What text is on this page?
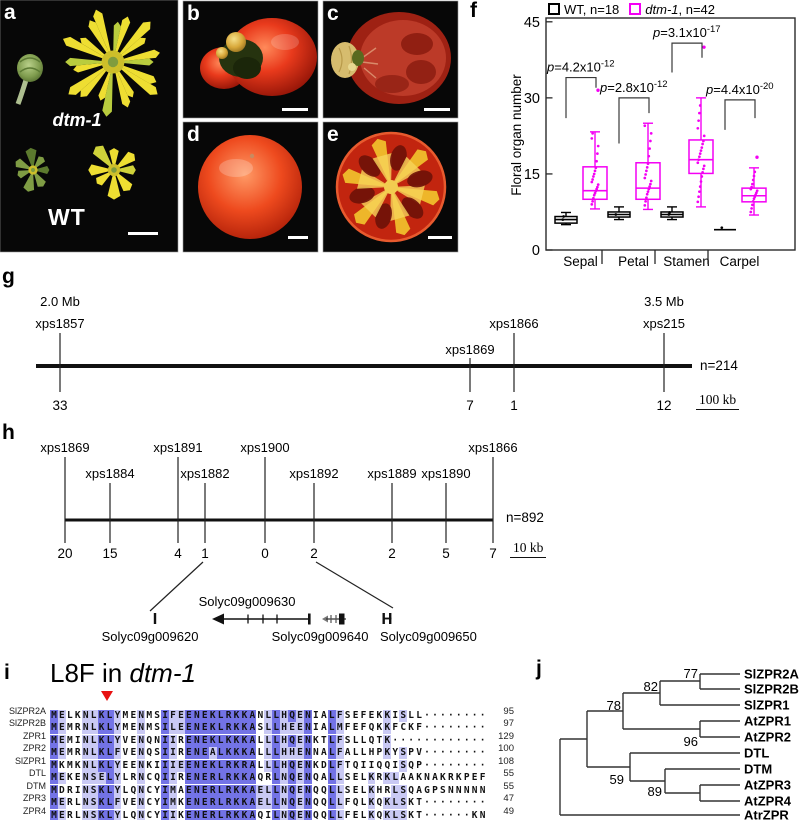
a	b	c
d	e
dtm-1
WT
f	WT, n=18 dtm-1, n=42
Floral organ number
0
15
30
45
Sepal Petal Stamen Carpel
$p=4.2x10^{-12}$
$p=2.8x10^{-12}$
$p=3.1x10^{-17}$
$p=4.4x10^{-20}$
g
xps1857
33
2.0 Mb
xps1869
7
xps1866
1
xps215
12
3.5 Mb
n=214
100 kb
h
xps1869
20
xps1884
15
xps1891
4
xps1882
1
xps1900
0
xps1892
2
xps1889
2
xps1890
5
xps1866
7
Solyc09g009620
Solyc09g009630
Solyc09g009640 Solyc09g009650
n=892
10 kb
i L8F in dtm-1
SlZPR2A M E L K N L K L Y M E N M S I F E E N E K L R K K A N L L H Q E N I A L F S E F E K K I S L L · · · · · · · ·	95
SlZPR2B M E M R N L K L Y M E N M S I L E E N E K L R K K A S L L H E E N I A L M F E F Q K K F C K F · · · · · · · ·	97
ZPR1 M E M I N L K L Y V E N Q N I I R E N E K L K K K A L L L H Q E N K T L F S L L Q T K · · · · · · · · · · · ·	129
ZPR2 M E M R N L K L F V E N Q S I I R E N E A L K K K A L L L H H E N N A L F A L L H P K Y S P V · · · · · · · ·	100
SlZPR1 M K M K N L K L Y E E N K I I I E E N E K L R K R A L L L H Q E N K D L F T Q I I Q Q I S Q P · · · · · · · ·	108
DTL M E K E N S E L Y L R N C Q I I R E N E R L R K K A Q R L N Q E N Q A L L S E L K R K L A A K N A K R K P E F	55
DTM M D R I N S K L Y L Q N C Y I M A E N E R L R K K A E L L N Q E N Q Q L L S E L K H R L S Q A G P S N N N N N	55
ZPR3 M E R L N S K L F V E N C Y I M K E N E R L R K K A E L L N Q E N Q Q L L F Q L K Q K L S K T · · · · · · · ·	47
ZPR4 M E R L N S K L Y L Q N C Y I I K E N E R L R K K A Q I L N Q E N Q Q L L F E L K Q K L S K T · · · · · · K N	49
j	SlZPR2A
SlZPR2B
SlZPR1
AtZPR1
AtZPR2
DTL
DTM
AtZPR3
AtZPR4
AtrZPR
77
82
78
96
59
89
